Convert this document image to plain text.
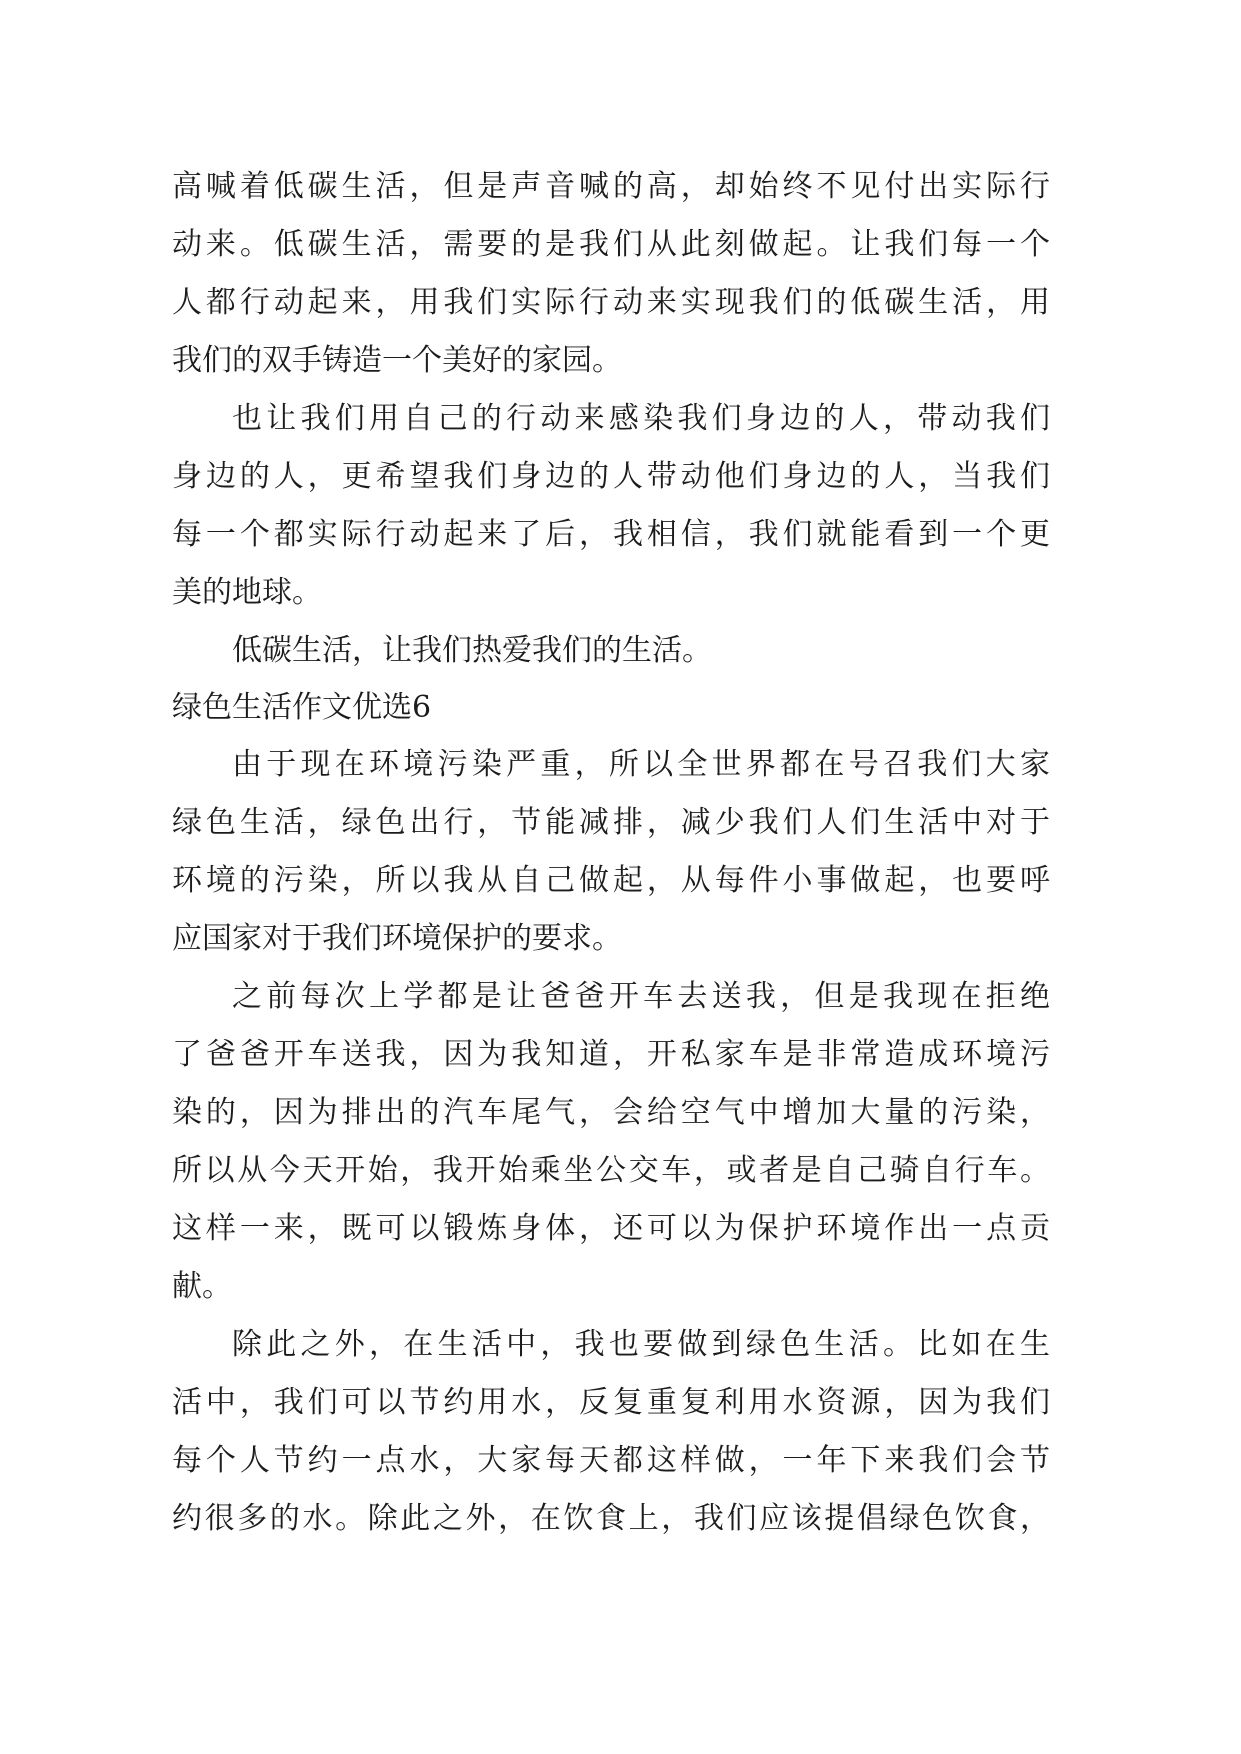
高喊着低碳生活，但是声音喊的高，却始终不见付出实际行
动来。低碳生活，需要的是我们从此刻做起。让我们每一个
人都行动起来，用我们实际行动来实现我们的低碳生活，用
我们的双手铸造一个美好的家园。
也让我们用自己的行动来感染我们身边的人，带动我们
身边的人，更希望我们身边的人带动他们身边的人，当我们
每一个都实际行动起来了后，我相信，我们就能看到一个更
美的地球。
低碳生活，让我们热爱我们的生活。
绿色生活作文优选6
由于现在环境污染严重，所以全世界都在号召我们大家
绿色生活，绿色出行，节能减排，减少我们人们生活中对于
环境的污染，所以我从自己做起，从每件小事做起，也要呼
应国家对于我们环境保护的要求。
之前每次上学都是让爸爸开车去送我，但是我现在拒绝
了爸爸开车送我，因为我知道，开私家车是非常造成环境污
染的，因为排出的汽车尾气，会给空气中增加大量的污染，
所以从今天开始，我开始乘坐公交车，或者是自己骑自行车。
这样一来，既可以锻炼身体，还可以为保护环境作出一点贡
献。
除此之外，在生活中，我也要做到绿色生活。比如在生
活中，我们可以节约用水，反复重复利用水资源，因为我们
每个人节约一点水，大家每天都这样做，一年下来我们会节
约很多的水。除此之外，在饮食上，我们应该提倡绿色饮食，
